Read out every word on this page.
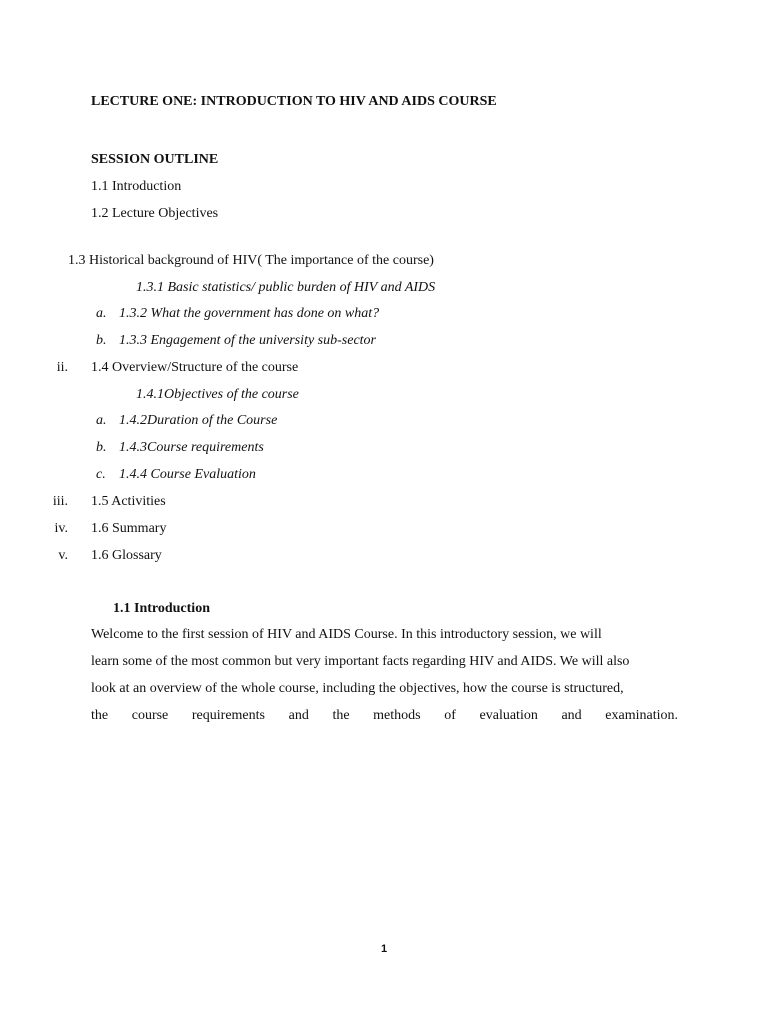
LECTURE ONE: INTRODUCTION TO HIV AND AIDS COURSE
SESSION OUTLINE
1.1 Introduction
1.2 Lecture Objectives
1.3 Historical background of HIV( The importance of the course)
1.3.1 Basic statistics/ public burden of HIV and AIDS
a. 1.3.2 What the government has done on what?
b. 1.3.3 Engagement of the university sub-sector
ii. 1.4 Overview/Structure of the course
1.4.1Objectives of the course
a. 1.4.2Duration of the Course
b. 1.4.3Course requirements
c. 1.4.4 Course Evaluation
iii. 1.5 Activities
iv. 1.6 Summary
v. 1.6 Glossary
1.1 Introduction
Welcome to the first session of HIV and AIDS Course. In this introductory session, we will
learn some of the most common but very important facts regarding HIV and AIDS. We will also
look at an overview of the whole course, including the objectives, how the course is structured,
the course requirements and the methods of evaluation and examination.
1
